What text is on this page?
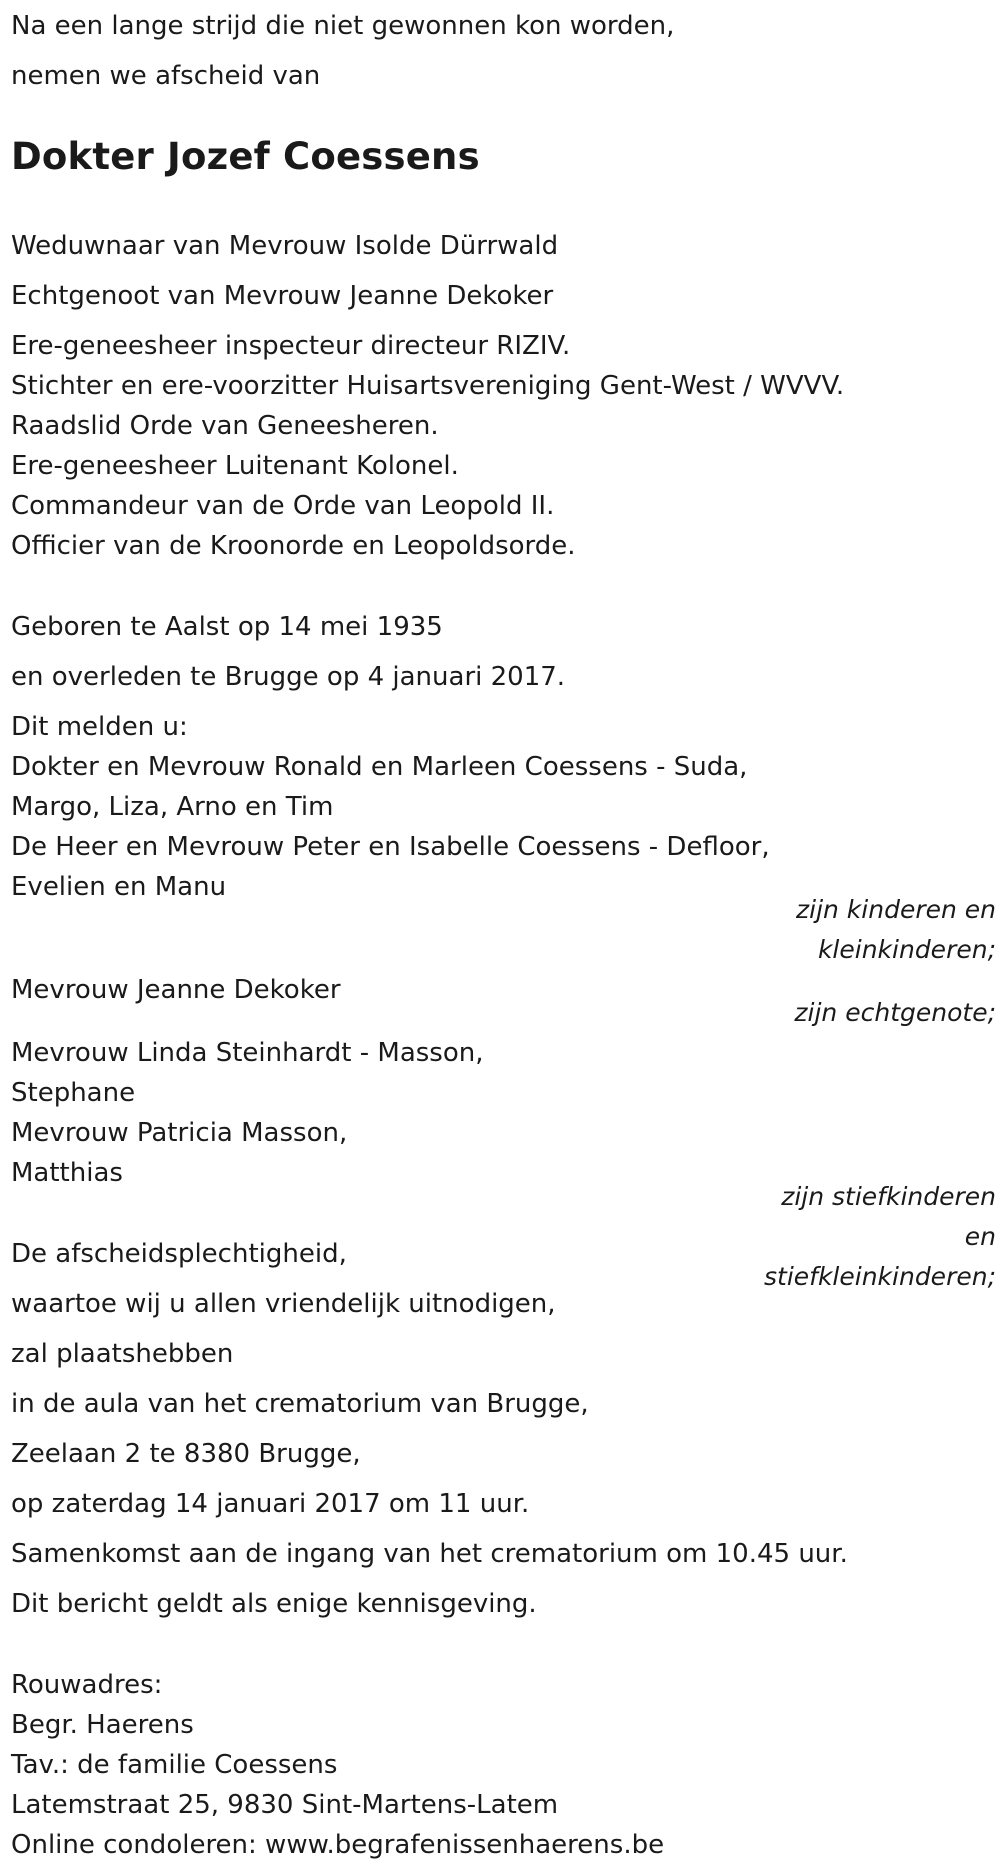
Na een lange strijd die niet gewonnen kon worden,
nemen we afscheid van
Dokter Jozef Coessens
Weduwnaar van Mevrouw Isolde Dürrwald
Echtgenoot van Mevrouw Jeanne Dekoker
Ere-geneesheer inspecteur directeur RIZIV.
Stichter en ere-voorzitter Huisartsvereniging Gent-West / WVVV.
Raadslid Orde van Geneesheren.
Ere-geneesheer Luitenant Kolonel.
Commandeur van de Orde van Leopold II.
Officier van de Kroonorde en Leopoldsorde.
Geboren te Aalst op 14 mei 1935
en overleden te Brugge op 4 januari 2017.
Dit melden u:
Dokter en Mevrouw Ronald en Marleen Coessens - Suda,
Margo, Liza, Arno en Tim
De Heer en Mevrouw Peter en Isabelle Coessens - Defloor,
Evelien en Manu
zijn kinderen en
kleinkinderen;
Mevrouw Jeanne Dekoker
zijn echtgenote;
Mevrouw Linda Steinhardt - Masson,
Stephane
Mevrouw Patricia Masson,
Matthias
zijn stiefkinderen
en
stiefkleinkinderen;
De afscheidsplechtigheid,
waartoe wij u allen vriendelijk uitnodigen,
zal plaatshebben
in de aula van het crematorium van Brugge,
Zeelaan 2 te 8380 Brugge,
op zaterdag 14 januari 2017 om 11 uur.
Samenkomst aan de ingang van het crematorium om 10.45 uur.
Dit bericht geldt als enige kennisgeving.
Rouwadres:
Begr. Haerens
Tav.: de familie Coessens
Latemstraat 25, 9830 Sint-Martens-Latem
Online condoleren: www.begrafenissenhaerens.be
